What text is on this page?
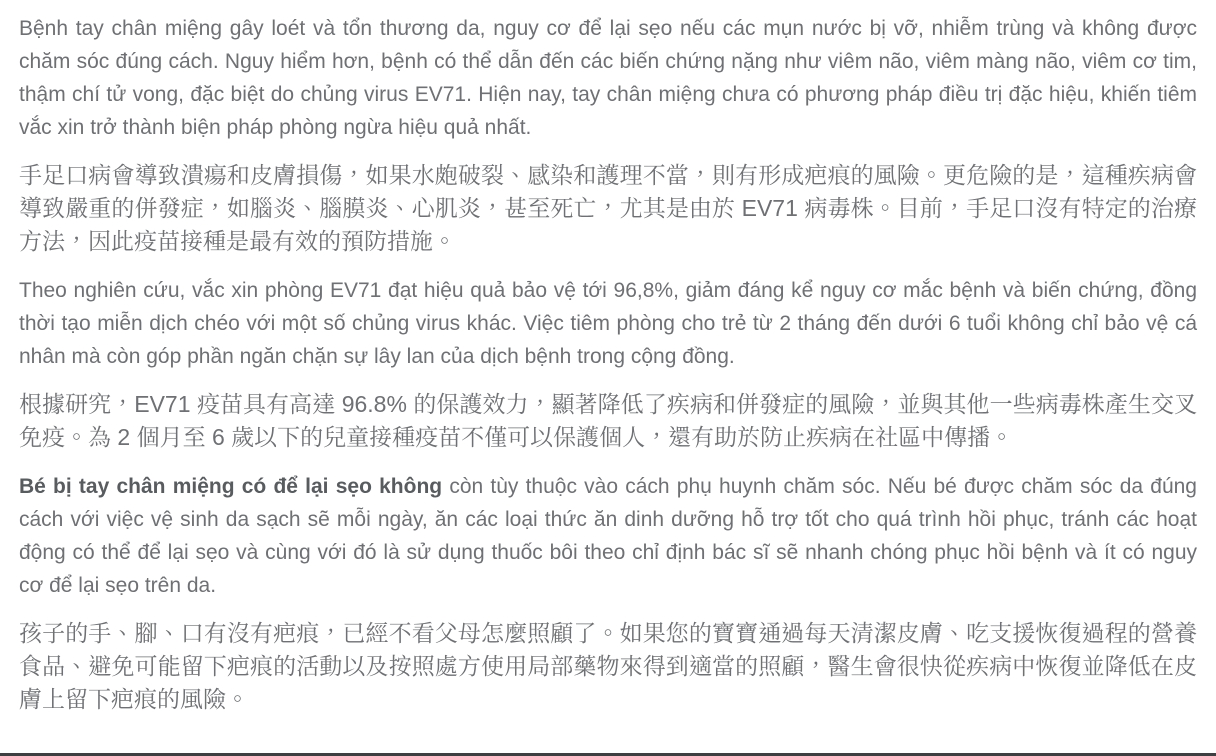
Bệnh tay chân miệng gây loét và tổn thương da, nguy cơ để lại sẹo nếu các mụn nước bị vỡ, nhiễm trùng và không được chăm sóc đúng cách. Nguy hiểm hơn, bệnh có thể dẫn đến các biến chứng nặng như viêm não, viêm màng não, viêm cơ tim, thậm chí tử vong, đặc biệt do chủng virus EV71. Hiện nay, tay chân miệng chưa có phương pháp điều trị đặc hiệu, khiến tiêm vắc xin trở thành biện pháp phòng ngừa hiệu quả nhất.

手足口病會導致潰瘍和皮膚損傷，如果水皰破裂、感染和護理不當，則有形成疤痕的風險。更危險的是，這種疾病會導致嚴重的併發症，如腦炎、腦膜炎、心肌炎，甚至死亡，尤其是由於 EV71 病毒株。目前，手足口沒有特定的治療方法，因此疫苗接種是最有效的預防措施。

Theo nghiên cứu, vắc xin phòng EV71 đạt hiệu quả bảo vệ tới 96,8%, giảm đáng kể nguy cơ mắc bệnh và biến chứng, đồng thời tạo miễn dịch chéo với một số chủng virus khác. Việc tiêm phòng cho trẻ từ 2 tháng đến dưới 6 tuổi không chỉ bảo vệ cá nhân mà còn góp phần ngăn chặn sự lây lan của dịch bệnh trong cộng đồng.

根據研究，EV71 疫苗具有高達 96.8% 的保護效力，顯著降低了疾病和併發症的風險，並與其他一些病毒株產生交叉免疫。為 2 個月至 6 歲以下的兒童接種疫苗不僅可以保護個人，還有助於防止疾病在社區中傳播。

Bé bị tay chân miệng có để lại sẹo không còn tùy thuộc vào cách phụ huynh chăm sóc. Nếu bé được chăm sóc da đúng cách với việc vệ sinh da sạch sẽ mỗi ngày, ăn các loại thức ăn dinh dưỡng hỗ trợ tốt cho quá trình hồi phục, tránh các hoạt động có thể để lại sẹo và cùng với đó là sử dụng thuốc bôi theo chỉ định bác sĩ sẽ nhanh chóng phục hồi bệnh và ít có nguy cơ để lại sẹo trên da.

孩子的手、腳、口有沒有疤痕，已經不看父母怎麼照顧了。如果您的寶寶通過每天清潔皮膚、吃支援恢復過程的營養食品、避免可能留下疤痕的活動以及按照處方使用局部藥物來得到適當的照顧，醫生會很快從疾病中恢復並降低在皮膚上留下疤痕的風險。
